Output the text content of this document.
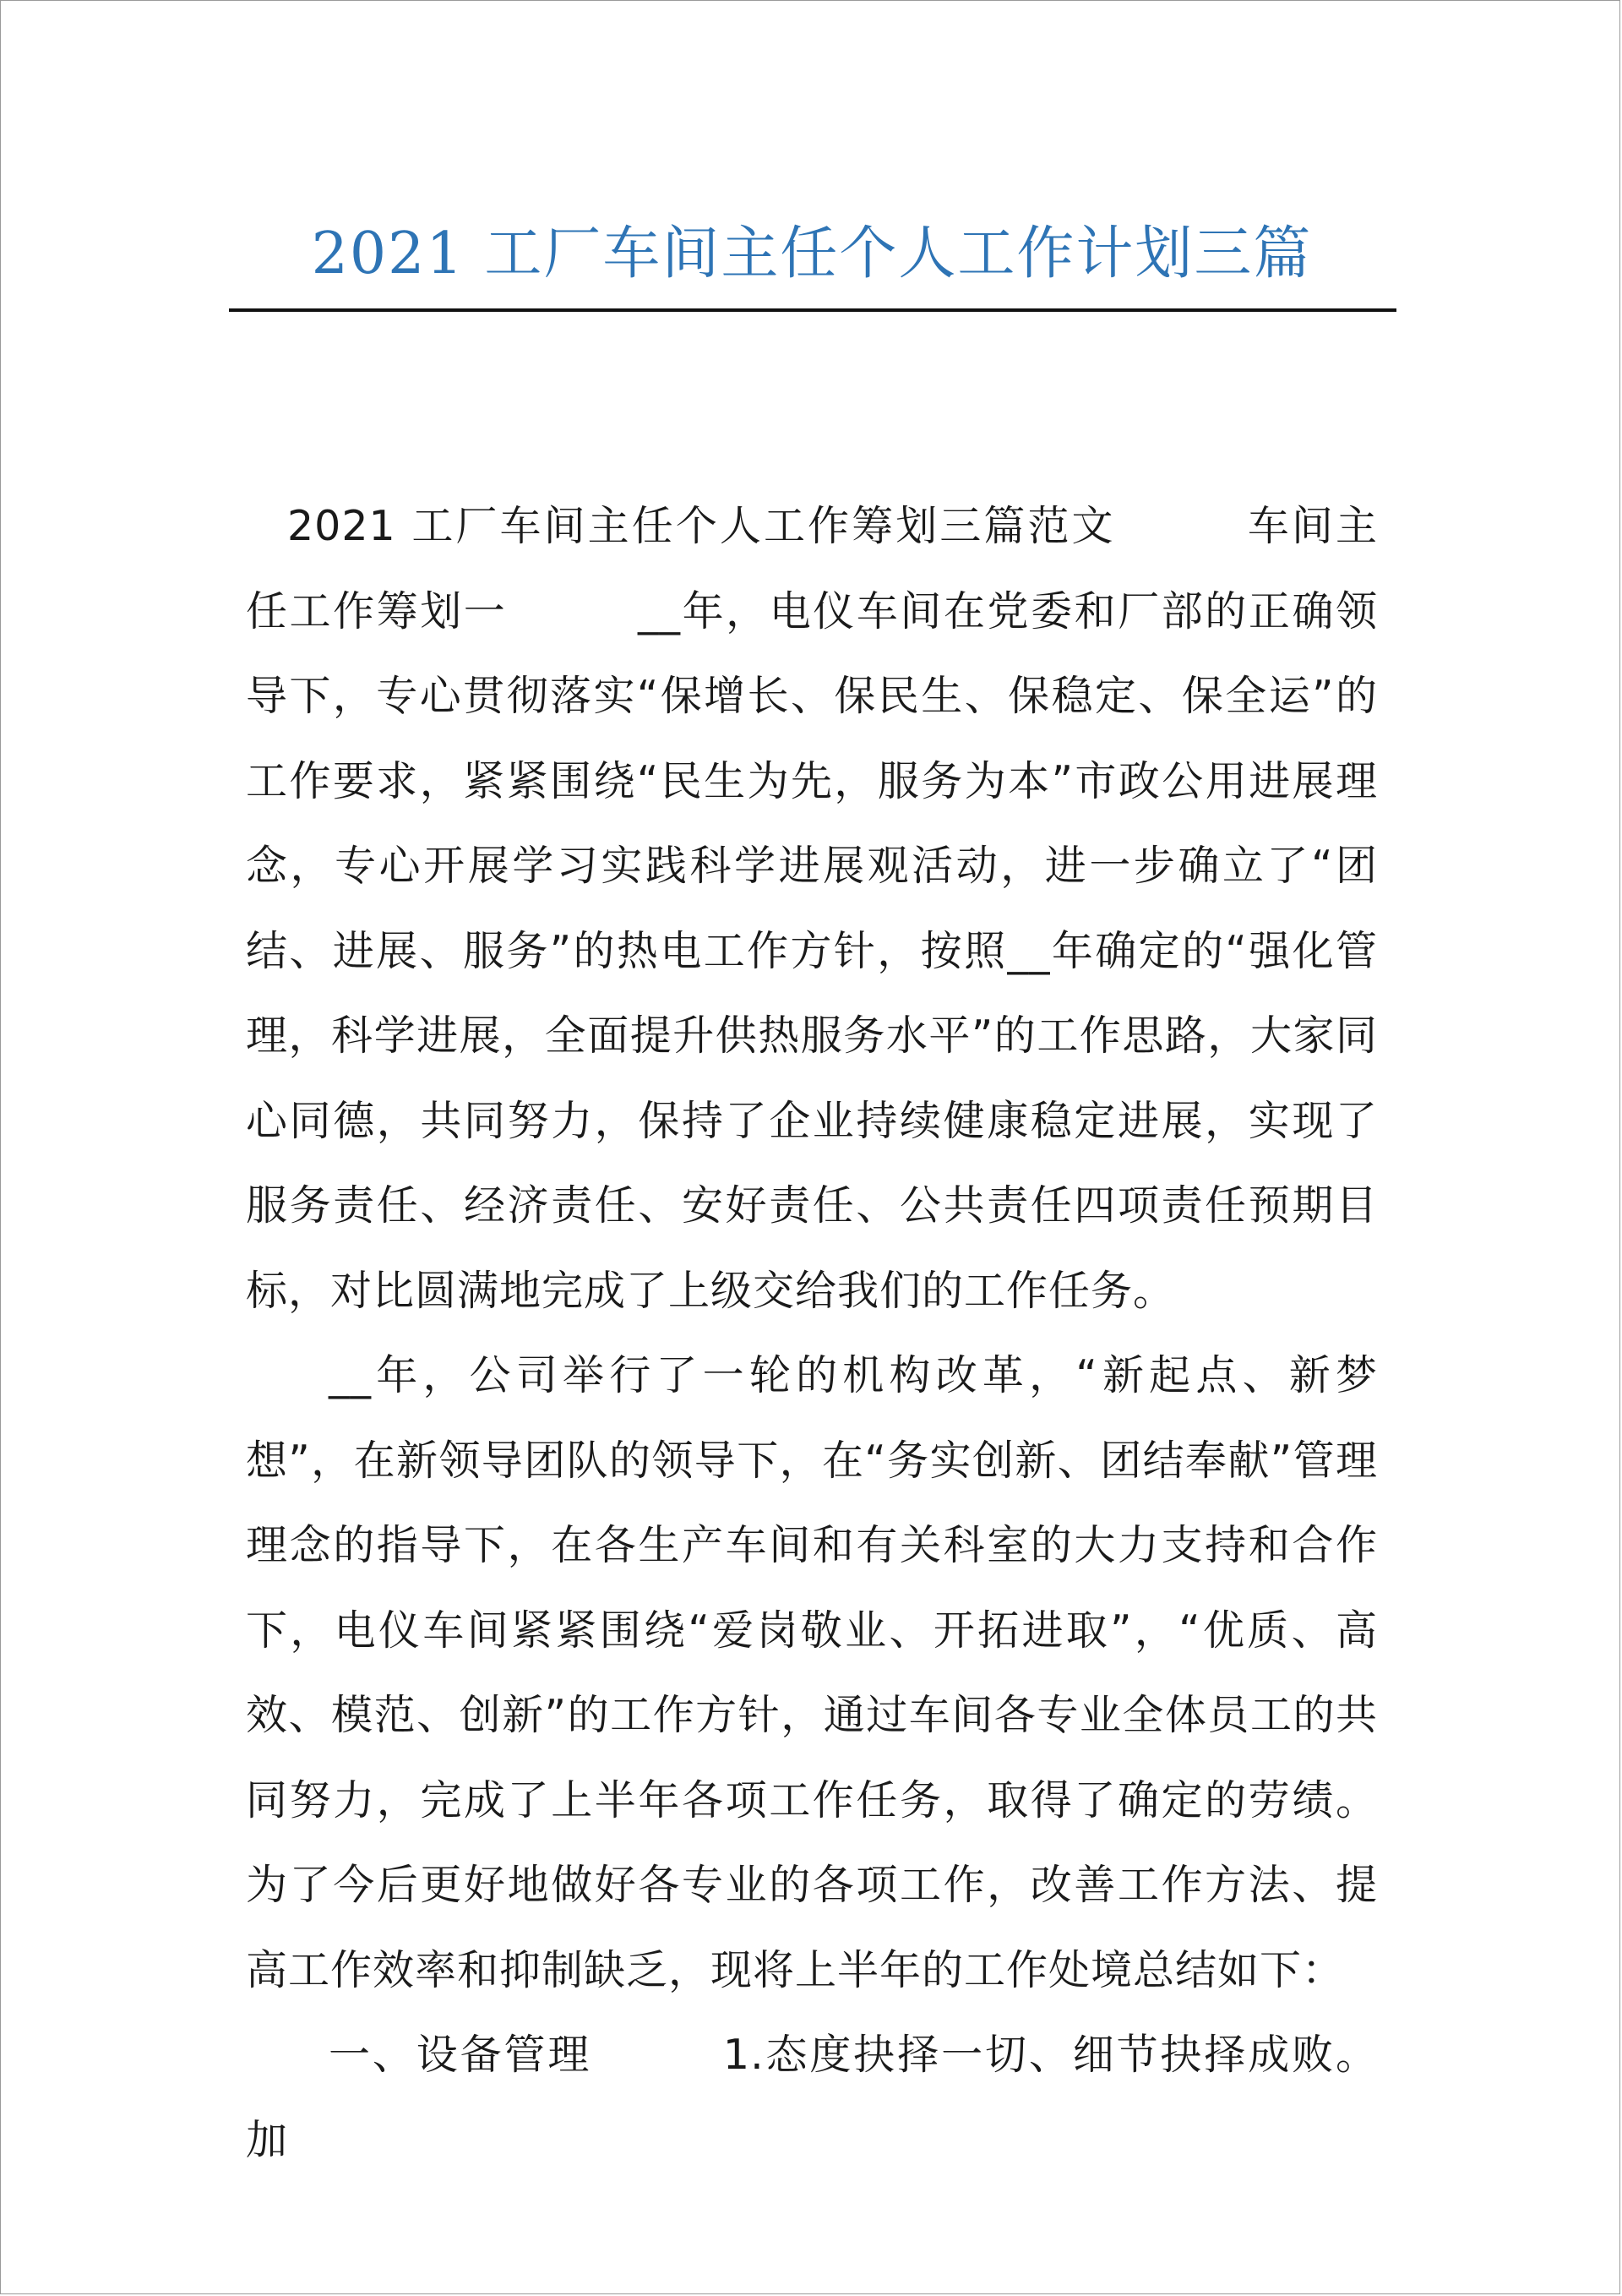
2021 工厂车间主任个人工作计划三篇

2021 工厂车间主任个人工作筹划三篇范文　　　车间主任工作筹划一　　　__年，电仪车间在党委和厂部的正确领导下，专心贯彻落实“保增长、保民生、保稳定、保全运”的工作要求，紧紧围绕“民生为先，服务为本”市政公用进展理念，专心开展学习实践科学进展观活动，进一步确立了“团结、进展、服务”的热电工作方针，按照__年确定的“强化管理，科学进展，全面提升供热服务水平”的工作思路，大家同心同德，共同努力，保持了企业持续健康稳定进展，实现了服务责任、经济责任、安好责任、公共责任四项责任预期目标，对比圆满地完成了上级交给我们的工作任务。

__年，公司举行了一轮的机构改革，“新起点、新梦想”，在新领导团队的领导下，在“务实创新、团结奉献”管理理念的指导下，在各生产车间和有关科室的大力支持和合作下，电仪车间紧紧围绕“爱岗敬业、开拓进取”，“优质、高效、模范、创新”的工作方针，通过车间各专业全体员工的共同努力，完成了上半年各项工作任务，取得了确定的劳绩。为了今后更好地做好各专业的各项工作，改善工作方法、提高工作效率和抑制缺乏，现将上半年的工作处境总结如下：

一、设备管理　　　1.态度抉择一切、细节抉择成败。加
